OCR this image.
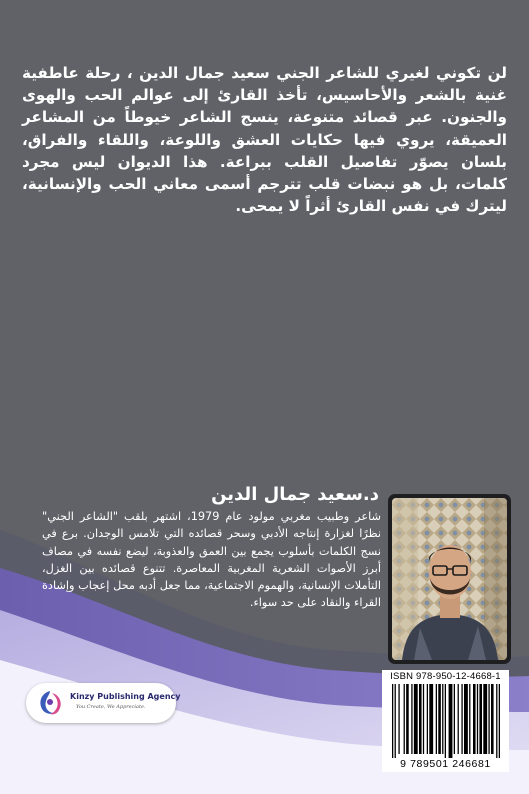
لن تكوني لغيري للشاعر الجني سعيد جمال الدين ، رحلة عاطفية غنية بالشعر والأحاسيس، تأخذ القارئ إلى عوالم الحب والهوى والجنون. عبر قصائد متنوعة، ينسج الشاعر خيوطاً من المشاعر العميقة، يروي فيها حكايات العشق واللوعة، واللقاء والفراق، بلسان يصوّر تفاصيل القلب ببراعة. هذا الديوان ليس مجرد كلمات، بل هو نبضات قلب تترجم أسمى معاني الحب والإنسانية، ليترك في نفس القارئ أثراً لا يمحى.

د.سعيد جمال الدين

شاعر وطبيب مغربي مولود عام 1979، اشتهر بلقب "الشاعر الجني" نظرًا لغزارة إنتاجه الأدبي وسحر قصائده التي تلامس الوجدان. برع في نسج الكلمات بأسلوب يجمع بين العمق والعذوبة، ليضع نفسه في مصاف أبرز الأصوات الشعرية المغربية المعاصرة. تتنوع قصائده بين الغزل، التأملات الإنسانية، والهموم الاجتماعية، مما جعل أدبه محل إعجاب وإشادة القراء والنقاد على حد سواء.

Kinzy Publishing Agency
You Create, We Appreciate.
ISBN 978-950-12-4668-1
9 789501 246681
